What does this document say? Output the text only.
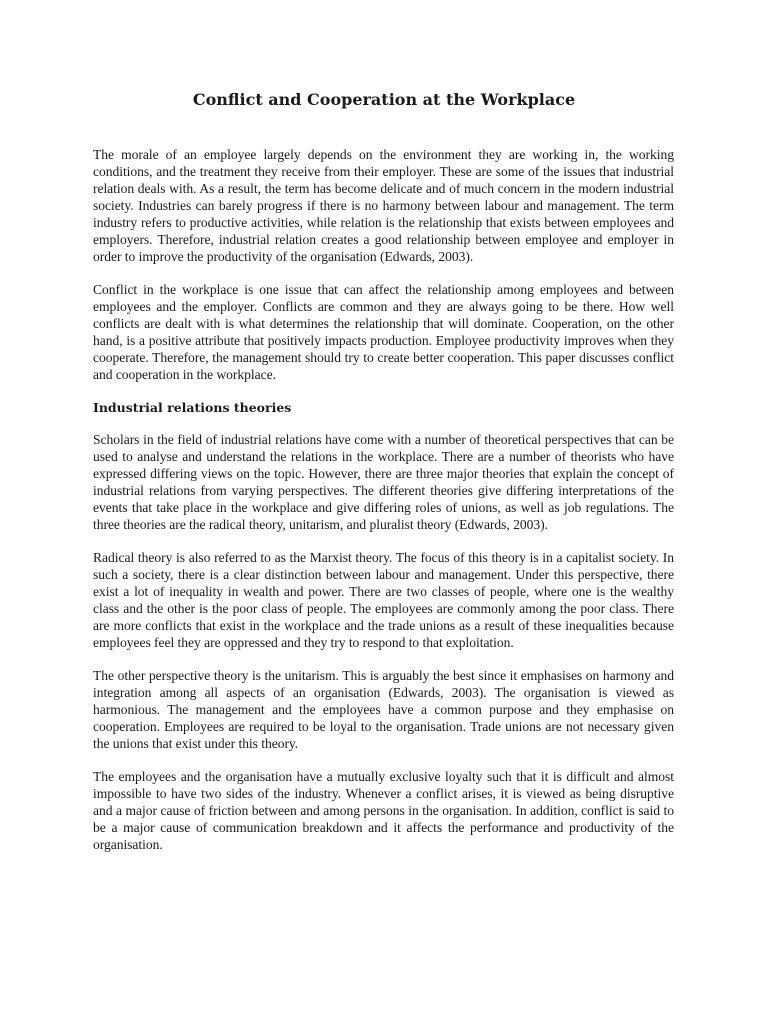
Conflict and Cooperation at the Workplace

The morale of an employee largely depends on the environment they are working in, the working conditions, and the treatment they receive from their employer. These are some of the issues that industrial relation deals with. As a result, the term has become delicate and of much concern in the modern industrial society. Industries can barely progress if there is no harmony between labour and management. The term industry refers to productive activities, while relation is the relationship that exists between employees and employers. Therefore, industrial relation creates a good relationship between employee and employer in order to improve the productivity of the organisation (Edwards, 2003).

Conflict in the workplace is one issue that can affect the relationship among employees and between employees and the employer. Conflicts are common and they are always going to be there. How well conflicts are dealt with is what determines the relationship that will dominate. Cooperation, on the other hand, is a positive attribute that positively impacts production. Employee productivity improves when they cooperate. Therefore, the management should try to create better cooperation. This paper discusses conflict and cooperation in the workplace.

Industrial relations theories

Scholars in the field of industrial relations have come with a number of theoretical perspectives that can be used to analyse and understand the relations in the workplace. There are a number of theorists who have expressed differing views on the topic. However, there are three major theories that explain the concept of industrial relations from varying perspectives. The different theories give differing interpretations of the events that take place in the workplace and give differing roles of unions, as well as job regulations. The three theories are the radical theory, unitarism, and pluralist theory (Edwards, 2003).

Radical theory is also referred to as the Marxist theory. The focus of this theory is in a capitalist society. In such a society, there is a clear distinction between labour and management. Under this perspective, there exist a lot of inequality in wealth and power. There are two classes of people, where one is the wealthy class and the other is the poor class of people. The employees are commonly among the poor class. There are more conflicts that exist in the workplace and the trade unions as a result of these inequalities because employees feel they are oppressed and they try to respond to that exploitation.

The other perspective theory is the unitarism. This is arguably the best since it emphasises on harmony and integration among all aspects of an organisation (Edwards, 2003). The organisation is viewed as harmonious. The management and the employees have a common purpose and they emphasise on cooperation. Employees are required to be loyal to the organisation. Trade unions are not necessary given the unions that exist under this theory.

The employees and the organisation have a mutually exclusive loyalty such that it is difficult and almost impossible to have two sides of the industry. Whenever a conflict arises, it is viewed as being disruptive and a major cause of friction between and among persons in the organisation. In addition, conflict is said to be a major cause of communication breakdown and it affects the performance and productivity of the organisation.
